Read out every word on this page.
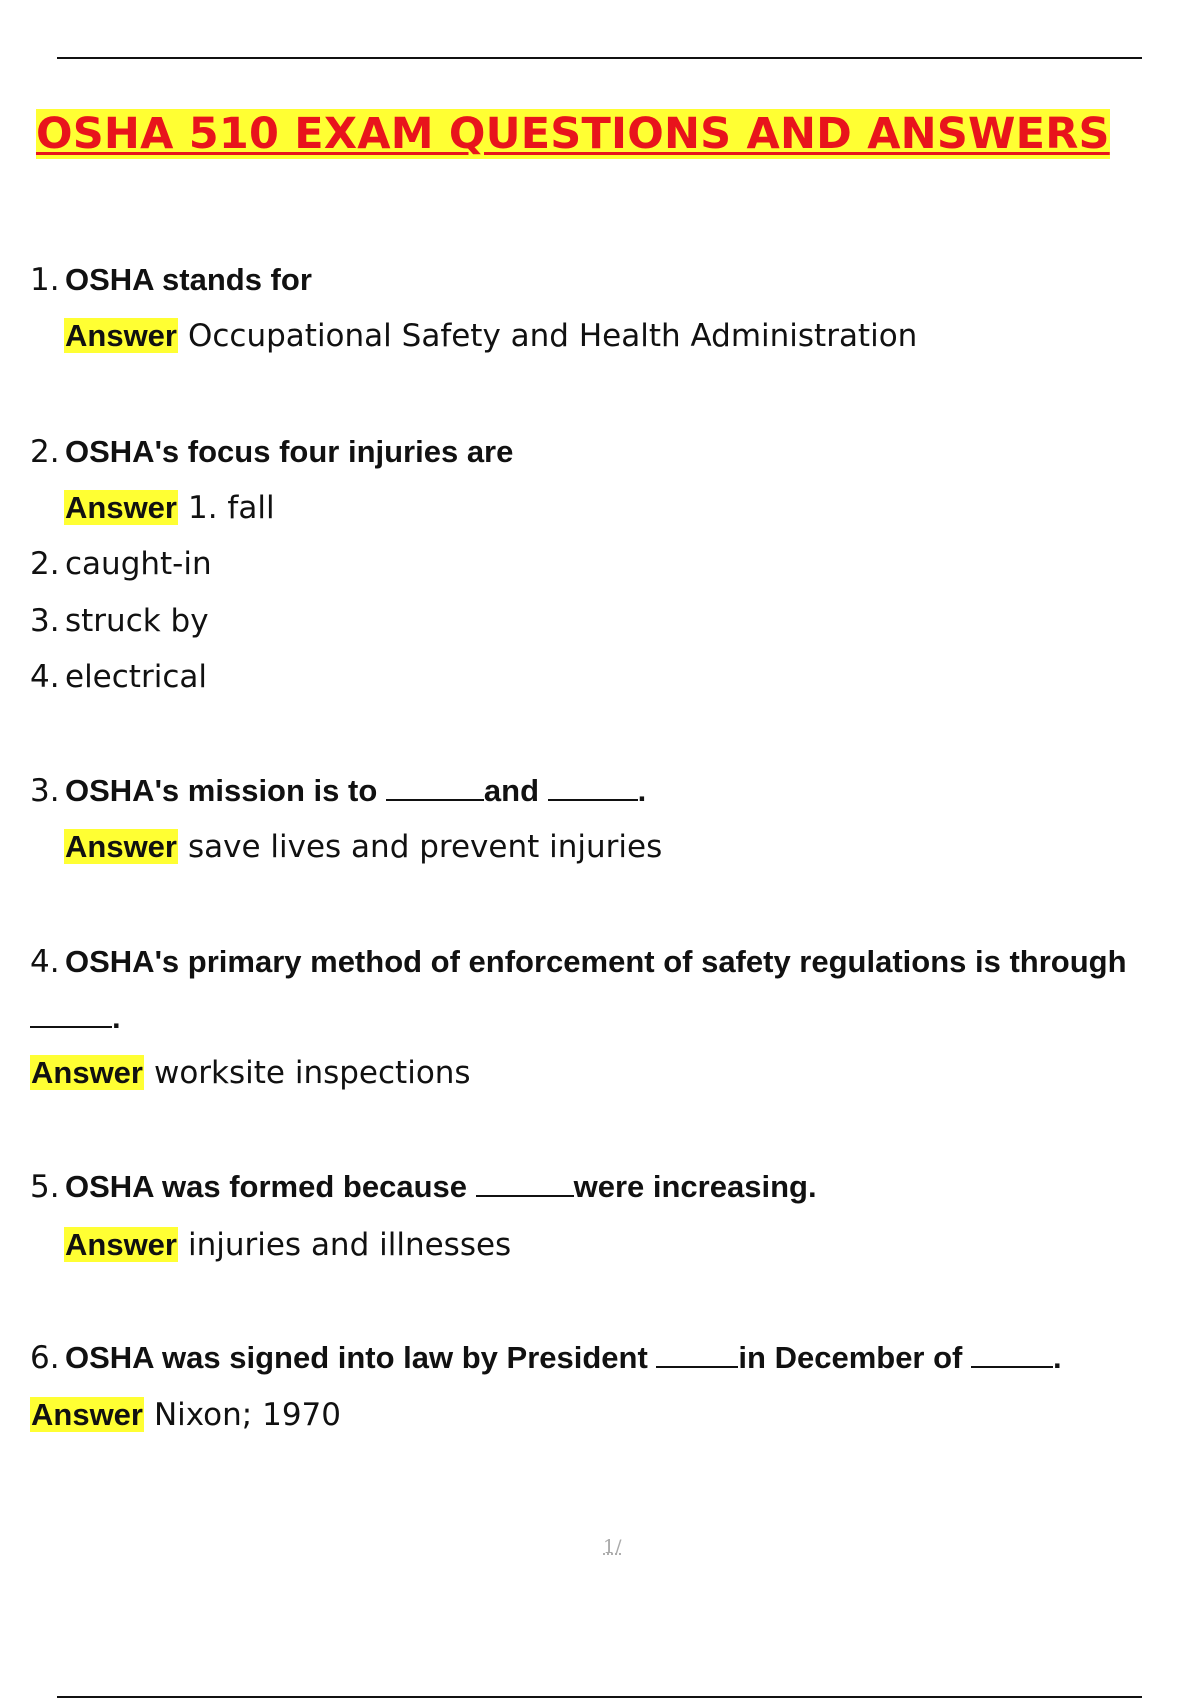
OSHA 510 EXAM QUESTIONS AND ANSWERS
1. OSHA stands for
Answer Occupational Safety and Health Administration
2. OSHA's focus four injuries are
Answer 1. fall
2. caught-in
3. struck by
4. electrical
3. OSHA's mission is to	and	.
Answer save lives and prevent injuries
4. OSHA's primary method of enforcement of safety regulations is through
.
Answer worksite inspections
5. OSHA was formed because	were increasing.
Answer injuries and illnesses
6. OSHA was signed into law by President	in December of	.
Answer Nixon; 1970
1/
